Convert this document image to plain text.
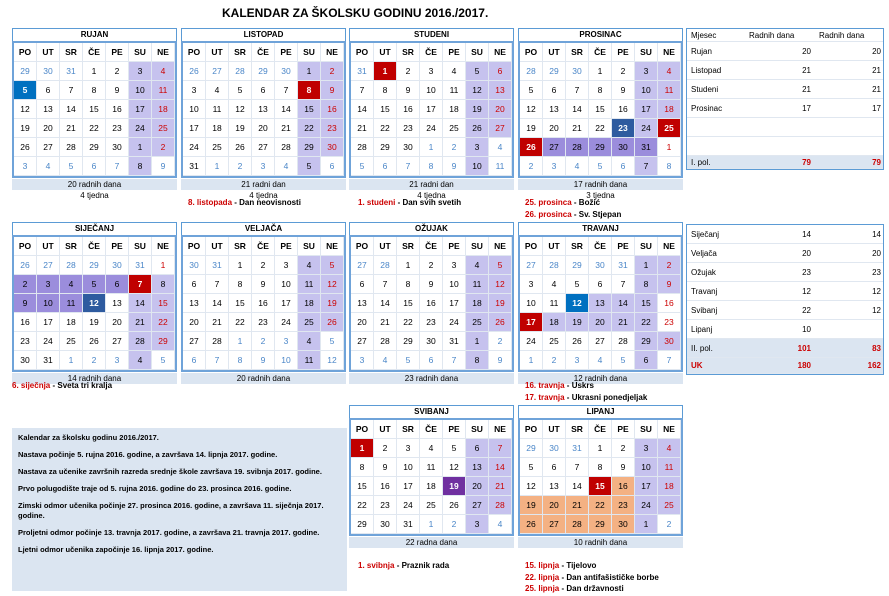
KALENDAR ZA ŠKOLSKU GODINU 2016./2017.
RUJAN
PO	UT	SR	ČE	PE	SU	NE
29	30	31	1	2	3	4
5	6	7	8	9	10	11
12	13	14	15	16	17	18
19	20	21	22	23	24	25
26	27	28	29	30	1	2
3	4	5	6	7	8	9
20 radnih dana
4 tjedna
LISTOPAD
PO	UT	SR	ČE	PE	SU	NE
26	27	28	29	30	1	2
3	4	5	6	7	8	9
10	11	12	13	14	15	16
17	18	19	20	21	22	23
24	25	26	27	28	29	30
31	1	2	3	4	5	6
21 radni dan
4 tjedna
STUDENI
PO	UT	SR	ČE	PE	SU	NE
31	1	2	3	4	5	6
7	8	9	10	11	12	13
14	15	16	17	18	19	20
21	22	23	24	25	26	27
28	29	30	1	2	3	4
5	6	7	8	9	10	11
21 radni dan
4 tjedna
PROSINAC
PO	UT	SR	ČE	PE	SU	NE
28	29	30	1	2	3	4
5	6	7	8	9	10	11
12	13	14	15	16	17	18
19	20	21	22	23	24	25
26	27	28	29	30	31	1
2	3	4	5	6	7	8
17 radnih dana
3 tjedna
SIJEČANJ
PO	UT	SR	ČE	PE	SU	NE
26	27	28	29	30	31	1
2	3	4	5	6	7	8
9	10	11	12	13	14	15
16	17	18	19	20	21	22
23	24	25	26	27	28	29
30	31	1	2	3	4	5
14 radnih dana
VELJAČA
PO	UT	SR	ČE	PE	SU	NE
30	31	1	2	3	4	5
6	7	8	9	10	11	12
13	14	15	16	17	18	19
20	21	22	23	24	25	26
27	28	1	2	3	4	5
6	7	8	9	10	11	12
20 radnih dana
OŽUJAK
PO	UT	SR	ČE	PE	SU	NE
27	28	1	2	3	4	5
6	7	8	9	10	11	12
13	14	15	16	17	18	19
20	21	22	23	24	25	26
27	28	29	30	31	1	2
3	4	5	6	7	8	9
23 radnih dana
TRAVANJ
PO	UT	SR	ČE	PE	SU	NE
27	28	29	30	31	1	2
3	4	5	6	7	8	9
10	11	12	13	14	15	16
17	18	19	20	21	22	23
24	25	26	27	28	29	30
1	2	3	4	5	6	7
12 radnih dana
SVIBANJ
PO	UT	SR	ČE	PE	SU	NE
1	2	3	4	5	6	7
8	9	10	11	12	13	14
15	16	17	18	19	20	21
22	23	24	25	26	27	28
29	30	31	1	2	3	4
22 radna dana
LIPANJ
PO	UT	SR	ČE	PE	SU	NE
29	30	31	1	2	3	4
5	6	7	8	9	10	11
12	13	14	15	16	17	18
19	20	21	22	23	24	25
26	27	28	29	30	1	2
10 radnih dana
Mjesec	Radnih dana	Radnih dana
Rujan	20	20
Listopad	21	21
Studeni	21	21
Prosinac	17	17
I. pol.	79	79
Siječanj	14	14
Veljača	20	20
Ožujak	23	23
Travanj	12	12
Svibanj	22	12
Lipanj	10
II. pol.	101	83
UK	180	162

Kalendar za školsku godinu 2016./2017.

Nastava počinje 5. rujna 2016. godine, a završava 14. lipnja 2017. godine.

Nastava za učenike završnih razreda srednje škole završava 19. svibnja 2017. godine.

Prvo polugodište traje od 5. rujna 2016. godine do 23. prosinca 2016. godine.

Zimski odmor učenika počinje 27. prosinca 2016. godine, a završava 11. siječnja 2017. godine.

Proljetni odmor počinje 13. travnja 2017. godine, a završava 21. travnja 2017. godine.

Ljetni odmor učenika započinje 16. lipnja 2017. godine.

8. listopada - Dan neovisnosti	1. studeni - Dan svih svetih	25. prosinca - Božić
26. prosinca - Sv. Stjepan
6. siječnja - Sveta tri kralja	16. travnja - Uskrs
17. travnja - Ukrasni ponedjeljak
1. svibnja - Praznik rada	15. lipnja - Tijelovo
22. lipnja - Dan antifašističke borbe
25. lipnja - Dan državnosti
